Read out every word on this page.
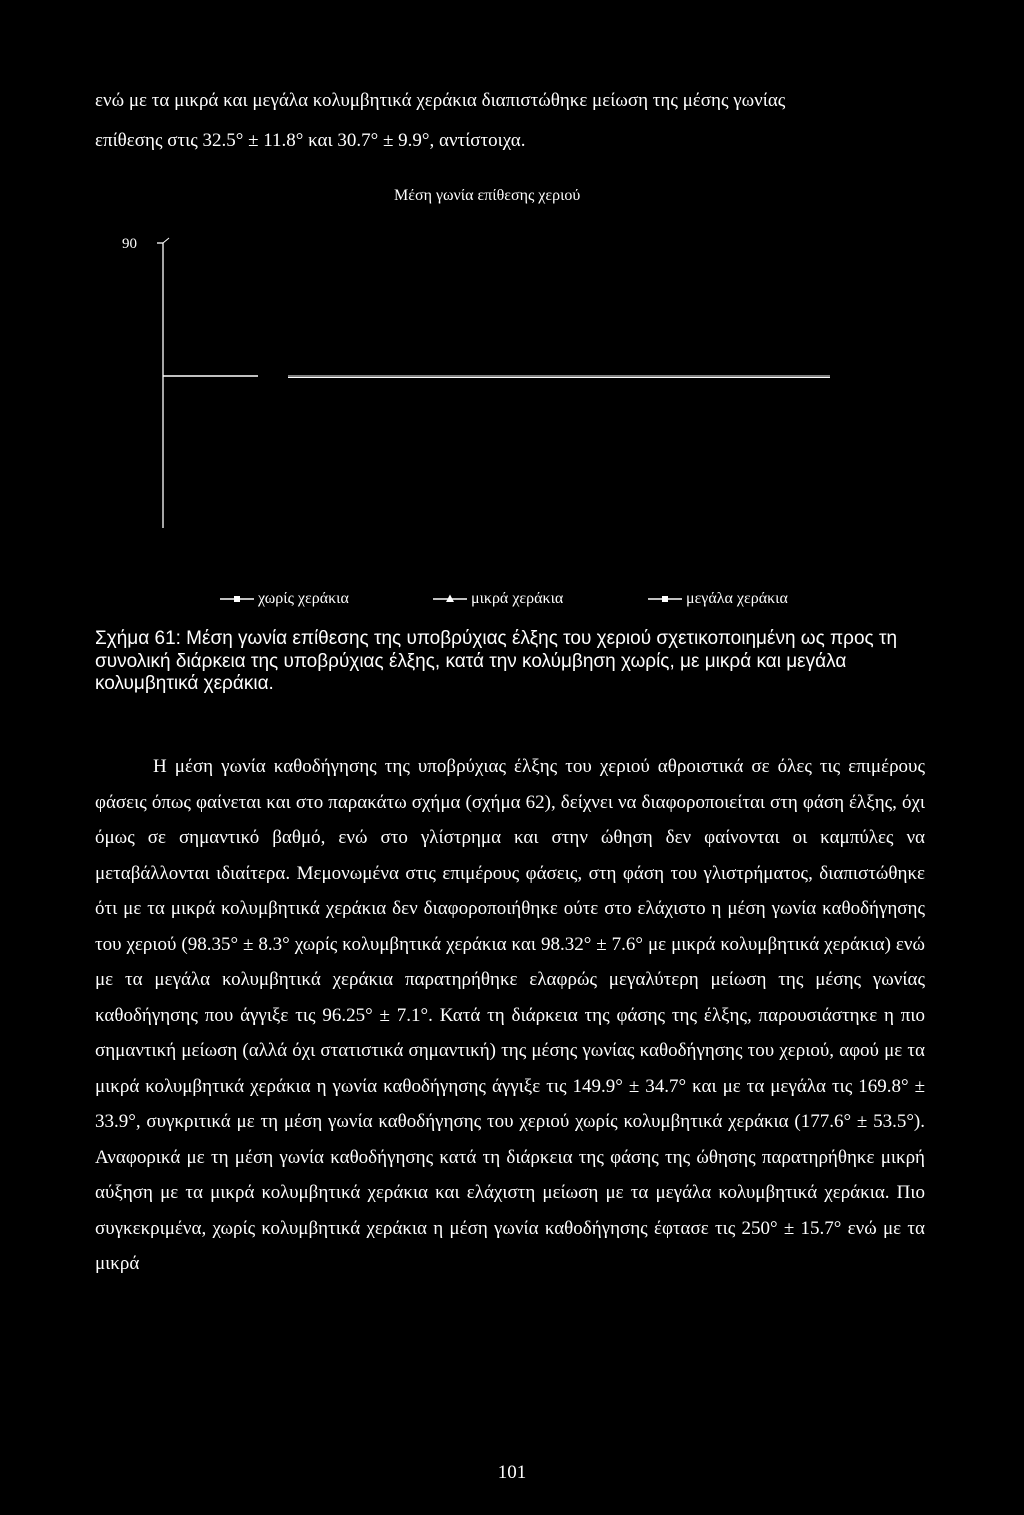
ενώ με τα μικρά και μεγάλα κολυμβητικά χεράκια διαπιστώθηκε μείωση της μέσης γωνίας
επίθεσης στις 32.5° ± 11.8° και 30.7° ± 9.9°, αντίστοιχα.
Μέση γωνία επίθεσης χεριού
90
χωρίς χεράκια	μικρά χεράκια	μεγάλα χεράκια
Σχήμα 61: Μέση γωνία επίθεσης της υποβρύχιας έλξης του χεριού σχετικοποιημένη ως προς τη συνολική διάρκεια της υποβρύχιας έλξης, κατά την κολύμβηση χωρίς, με μικρά και μεγάλα κολυμβητικά χεράκια.

Η μέση γωνία καθοδήγησης της υποβρύχιας έλξης του χεριού αθροιστικά σε όλες τις επιμέρους φάσεις όπως φαίνεται και στο παρακάτω σχήμα (σχήμα 62), δείχνει να διαφοροποιείται στη φάση έλξης, όχι όμως σε σημαντικό βαθμό, ενώ στο γλίστρημα και στην ώθηση δεν φαίνονται οι καμπύλες να μεταβάλλονται ιδιαίτερα. Μεμονωμένα στις επιμέρους φάσεις, στη φάση του γλιστρήματος, διαπιστώθηκε ότι με τα μικρά κολυμβητικά χεράκια δεν διαφοροποιήθηκε ούτε στο ελάχιστο η μέση γωνία καθοδήγησης του χεριού (98.35° ± 8.3° χωρίς κολυμβητικά χεράκια και 98.32° ± 7.6° με μικρά κολυμβητικά χεράκια) ενώ με τα μεγάλα κολυμβητικά χεράκια παρατηρήθηκε ελαφρώς μεγαλύτερη μείωση της μέσης γωνίας καθοδήγησης που άγγιξε τις 96.25° ± 7.1°. Κατά τη διάρκεια της φάσης της έλξης, παρουσιάστηκε η πιο σημαντική μείωση (αλλά όχι στατιστικά σημαντική) της μέσης γωνίας καθοδήγησης του χεριού, αφού με τα μικρά κολυμβητικά χεράκια η γωνία καθοδήγησης άγγιξε τις 149.9° ± 34.7° και με τα μεγάλα τις 169.8° ± 33.9°, συγκριτικά με τη μέση γωνία καθοδήγησης του χεριού χωρίς κολυμβητικά χεράκια (177.6° ± 53.5°). Αναφορικά με τη μέση γωνία καθοδήγησης κατά τη διάρκεια της φάσης της ώθησης παρατηρήθηκε μικρή αύξηση με τα μικρά κολυμβητικά χεράκια και ελάχιστη μείωση με τα μεγάλα κολυμβητικά χεράκια. Πιο συγκεκριμένα, χωρίς κολυμβητικά χεράκια η μέση γωνία καθοδήγησης έφτασε τις 250° ± 15.7° ενώ με τα μικρά

101
